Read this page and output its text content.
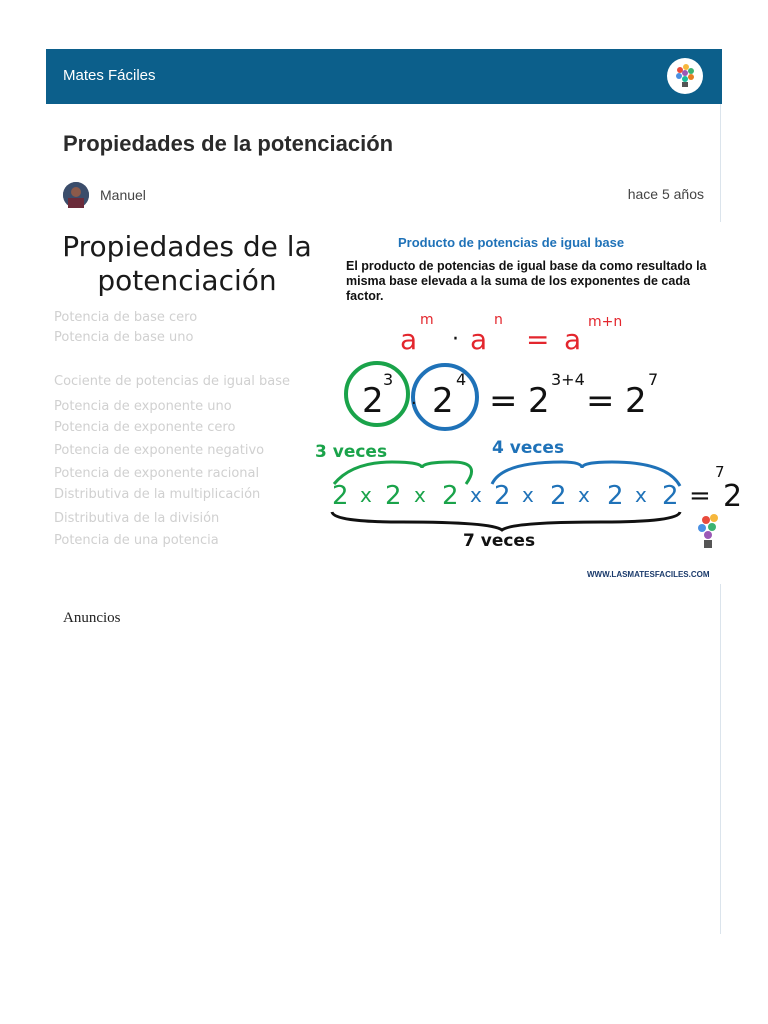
Mates Fáciles
Propiedades de la potenciación
Manuel	hace 5 años
Propiedades de la
potenciación
Potencia de base cero
Potencia de base uno
Cociente de potencias de igual base
Potencia de exponente uno
Potencia de exponente cero
Potencia de exponente negativo
Potencia de exponente racional
Distributiva de la multiplicación
Distributiva de la división
Potencia de una potencia
Producto de potencias de igual base
El producto de potencias de igual base da como resultado la misma base elevada a la suma de los exponentes de cada factor.
a
m
· a
n
= a
m+n
2
3
· 2
4
= 2
3+4
= 2
7
3 veces	4 veces
2 x 2 x 2 x 2 x 2 x 2 x 2 = 2
7
7 veces
WWW.LASMATESFACILES.COM
Anuncios
